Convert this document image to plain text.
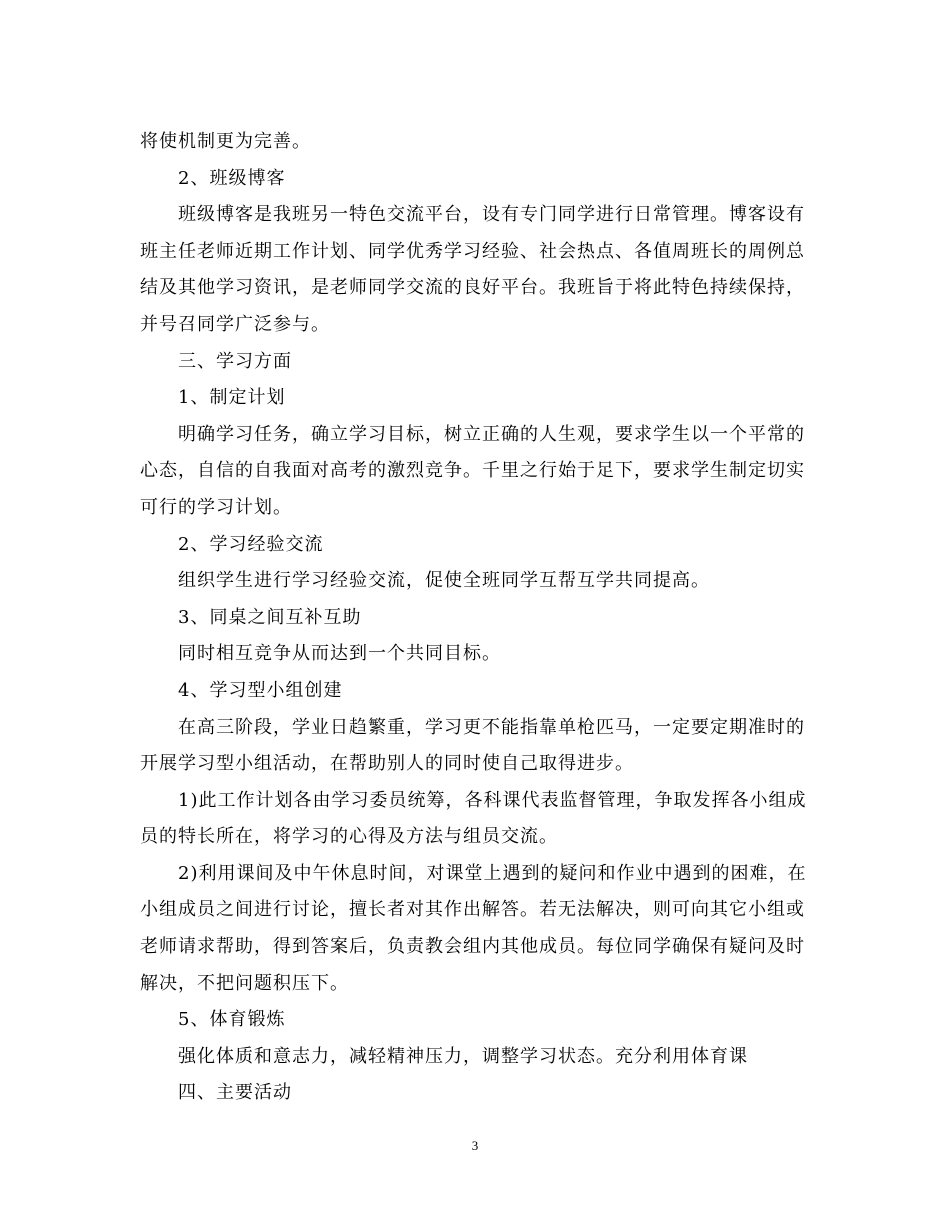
将使机制更为完善。

2、班级博客

班级博客是我班另一特色交流平台，设有专门同学进行日常管理。博客设有

班主任老师近期工作计划、同学优秀学习经验、社会热点、各值周班长的周例总

结及其他学习资讯，是老师同学交流的良好平台。我班旨于将此特色持续保持，

并号召同学广泛参与。

三、学习方面

1、制定计划

明确学习任务，确立学习目标，树立正确的人生观，要求学生以一个平常的

心态，自信的自我面对高考的激烈竞争。千里之行始于足下，要求学生制定切实

可行的学习计划。

2、学习经验交流

组织学生进行学习经验交流，促使全班同学互帮互学共同提高。

3、同桌之间互补互助

同时相互竞争从而达到一个共同目标。

4、学习型小组创建

在高三阶段，学业日趋繁重，学习更不能指靠单枪匹马，一定要定期准时的

开展学习型小组活动，在帮助别人的同时使自己取得进步。

1)此工作计划各由学习委员统筹，各科课代表监督管理，争取发挥各小组成

员的特长所在，将学习的心得及方法与组员交流。

2)利用课间及中午休息时间，对课堂上遇到的疑问和作业中遇到的困难，在

小组成员之间进行讨论，擅长者对其作出解答。若无法解决，则可向其它小组或

老师请求帮助，得到答案后，负责教会组内其他成员。每位同学确保有疑问及时

解决，不把问题积压下。

5、体育锻炼

强化体质和意志力，减轻精神压力，调整学习状态。充分利用体育课

四、主要活动

3
